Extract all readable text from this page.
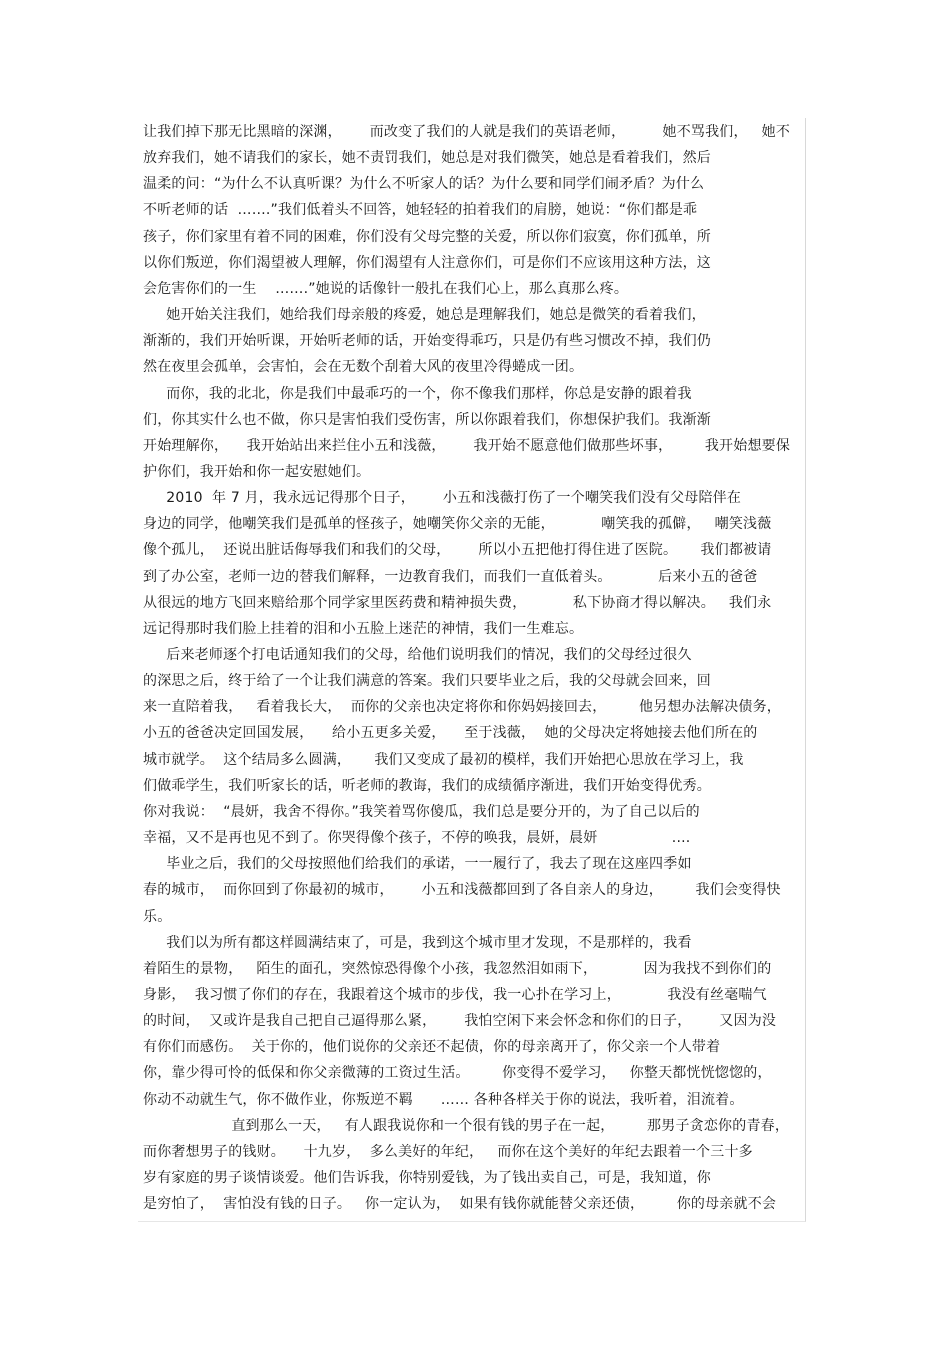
让我们掉下那无比黑暗的深渊，      而改变了我们的人就是我们的英语老师，        她不骂我们，   她不
放弃我们，她不请我们的家长，她不责罚我们，她总是对我们微笑，她总是看着我们，然后
温柔的问：“为什么不认真听课？为什么不听家人的话？为什么要和同学们闹矛盾？为什么
不听老师的话  …….”我们低着头不回答，她轻轻的拍着我们的肩膀，她说：“你们都是乖
孩子，你们家里有着不同的困难，你们没有父母完整的关爱，所以你们寂寞，你们孤单，所
以你们叛逆，你们渴望被人理解，你们渴望有人注意你们，可是你们不应该用这种方法，这
会危害你们的一生    …….”她说的话像针一般扎在我们心上，那么真那么疼。
她开始关注我们，她给我们母亲般的疼爱，她总是理解我们，她总是微笑的看着我们，
渐渐的，我们开始听课，开始听老师的话，开始变得乖巧，只是仍有些习惯改不掉，我们仍
然在夜里会孤单，会害怕，会在无数个刮着大风的夜里冷得蜷成一团。
而你，我的北北，你是我们中最乖巧的一个，你不像我们那样，你总是安静的跟着我
们，你其实什么也不做，你只是害怕我们受伤害，所以你跟着我们，你想保护我们。我渐渐
开始理解你，    我开始站出来拦住小五和浅薇，      我开始不愿意他们做那些坏事，       我开始想要保
护你们，我开始和你一起安慰她们。
2010  年 7 月，我永远记得那个日子，      小五和浅薇打伤了一个嘲笑我们没有父母陪伴在
身边的同学，他嘲笑我们是孤单的怪孩子，她嘲笑你父亲的无能，          嘲笑我的孤僻，   嘲笑浅薇
像个孤儿，  还说出脏话侮辱我们和我们的父母，      所以小五把他打得住进了医院。     我们都被请
到了办公室，老师一边的替我们解释，一边教育我们，而我们一直低着头。          后来小五的爸爸
从很远的地方飞回来赔给那个同学家里医药费和精神损失费，          私下协商才得以解决。   我们永
远记得那时我们脸上挂着的泪和小五脸上迷茫的神情，我们一生难忘。
后来老师逐个打电话通知我们的父母，给他们说明我们的情况，我们的父母经过很久
的深思之后，终于给了一个让我们满意的答案。我们只要毕业之后，我的父母就会回来，回
来一直陪着我，   看着我长大，  而你的父亲也决定将你和你妈妈接回去，       他另想办法解决债务，
小五的爸爸决定回国发展，    给小五更多关爱，    至于浅薇，  她的父母决定将她接去他们所在的
城市就学。  这个结局多么圆满，     我们又变成了最初的模样，我们开始把心思放在学习上，我
们做乖学生，我们听家长的话，听老师的教诲，我们的成绩循序渐进，我们开始变得优秀。
你对我说：  “晨妍，我舍不得你。”我笑着骂你傻瓜，我们总是要分开的，为了自己以后的
幸福，又不是再也见不到了。你哭得像个孩子，不停的唤我，晨妍，晨妍                ....
毕业之后，我们的父母按照他们给我们的承诺，一一履行了，我去了现在这座四季如
春的城市，  而你回到了你最初的城市，      小五和浅薇都回到了各自亲人的身边，       我们会变得快
乐。
我们以为所有都这样圆满结束了，可是，我到这个城市里才发现，不是那样的，我看
着陌生的景物，   陌生的面孔，突然惊恐得像个小孩，我忽然泪如雨下，          因为我找不到你们的
身影，  我习惯了你们的存在，我跟着这个城市的步伐，我一心扑在学习上，          我没有丝毫喘气
的时间，  又或许是我自己把自己逼得那么紧，      我怕空闲下来会怀念和你们的日子，      又因为没
有你们而感伤。  关于你的，他们说你的父亲还不起债，你的母亲离开了，你父亲一个人带着
你，靠少得可怜的低保和你父亲微薄的工资过生活。       你变得不爱学习，   你整天都恍恍惚惚的，
你动不动就生气，你不做作业，你叛逆不羁      …… 各种各样关于你的说法，我听着，泪流着。
直到那么一天，   有人跟我说你和一个很有钱的男子在一起，       那男子贪恋你的青春，
而你奢想男子的钱财。    十九岁，  多么美好的年纪，   而你在这个美好的年纪去跟着一个三十多
岁有家庭的男子谈情谈爱。他们告诉我，你特别爱钱，为了钱出卖自己，可是，我知道，你
是穷怕了，  害怕没有钱的日子。   你一定认为，  如果有钱你就能替父亲还债，       你的母亲就不会
